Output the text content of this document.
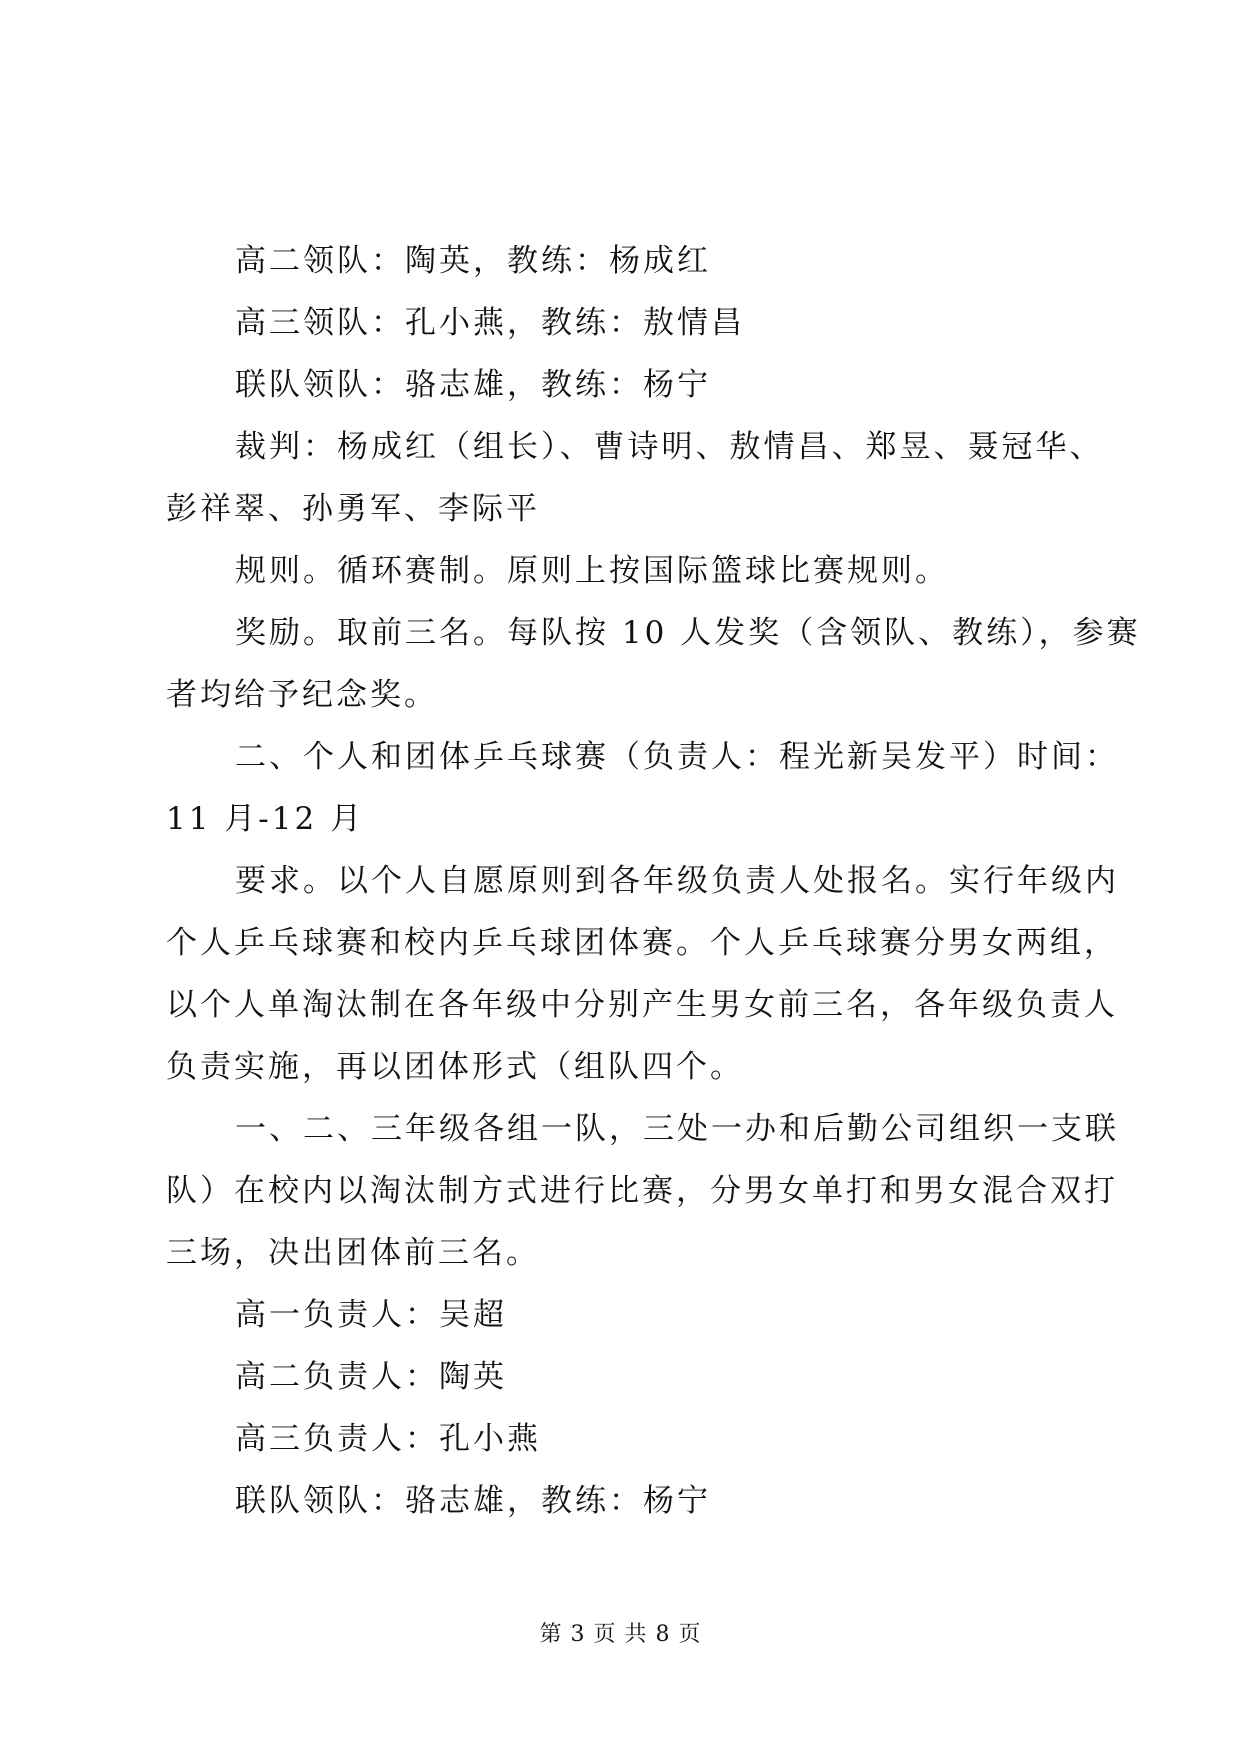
高二领队：陶英，教练：杨成红
高三领队：孔小燕，教练：敖情昌
联队领队：骆志雄，教练：杨宁
裁判：杨成红（组长）、曹诗明、敖情昌、郑昱、聂冠华、
彭祥翠、孙勇军、李际平
规则。循环赛制。原则上按国际篮球比赛规则。
奖励。取前三名。每队按 10 人发奖（含领队、教练），参赛
者均给予纪念奖。
二、个人和团体乒乓球赛（负责人：程光新吴发平）时间：
11 月-12 月
要求。以个人自愿原则到各年级负责人处报名。实行年级内
个人乒乓球赛和校内乒乓球团体赛。个人乒乓球赛分男女两组，
以个人单淘汰制在各年级中分别产生男女前三名，各年级负责人
负责实施，再以团体形式（组队四个。
一、二、三年级各组一队，三处一办和后勤公司组织一支联
队）在校内以淘汰制方式进行比赛，分男女单打和男女混合双打
三场，决出团体前三名。
高一负责人：吴超
高二负责人：陶英
高三负责人：孔小燕
联队领队：骆志雄，教练：杨宁
第 3 页 共 8 页
